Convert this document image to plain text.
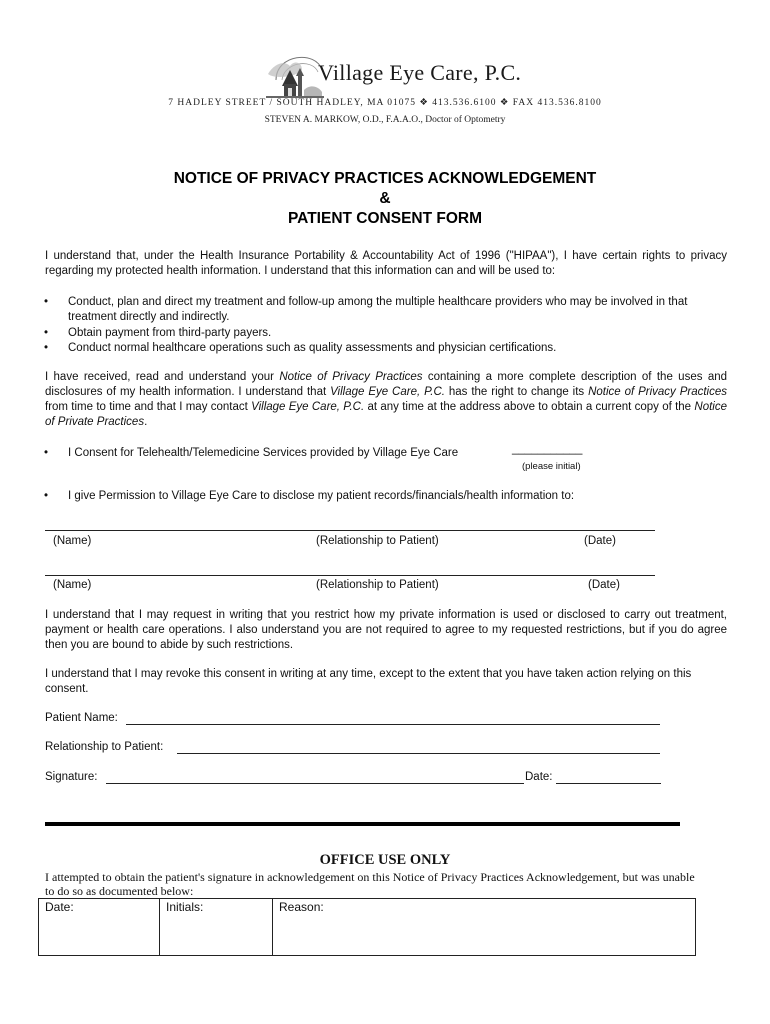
Village Eye Care, P.C.
7 HADLEY STREET / SOUTH HADLEY, MA 01075 ❖ 413.536.6100 ❖ FAX 413.536.8100
STEVEN A. MARKOW, O.D., F.A.A.O., Doctor of Optometry
NOTICE OF PRIVACY PRACTICES ACKNOWLEDGEMENT
&
PATIENT CONSENT FORM
I understand that, under the Health Insurance Portability & Accountability Act of 1996 ("HIPAA"), I have certain rights to privacy regarding my protected health information. I understand that this information can and will be used to:
• Conduct, plan and direct my treatment and follow-up among the multiple healthcare providers who may be involved in that treatment directly and indirectly.
• Obtain payment from third-party payers.
• Conduct normal healthcare operations such as quality assessments and physician certifications.
I have received, read and understand your Notice of Privacy Practices containing a more complete description of the uses and disclosures of my health information. I understand that Village Eye Care, P.C. has the right to change its Notice of Privacy Practices from time to time and that I may contact Village Eye Care, P.C. at any time at the address above to obtain a current copy of the Notice of Private Practices.
• I Consent for Telehealth/Telemedicine Services provided by Village Eye Care	___________
(please initial)
• I give Permission to Village Eye Care to disclose my patient records/financials/health information to:
(Name)	(Relationship to Patient)	(Date)
(Name)	(Relationship to Patient)	(Date)
I understand that I may request in writing that you restrict how my private information is used or disclosed to carry out treatment, payment or health care operations. I also understand you are not required to agree to my requested restrictions, but if you do agree then you are bound to abide by such restrictions.
I understand that I may revoke this consent in writing at any time, except to the extent that you have taken action relying on this consent.
Patient Name:
Relationship to Patient:
Signature:	Date:
OFFICE USE ONLY
I attempted to obtain the patient's signature in acknowledgement on this Notice of Privacy Practices Acknowledgement, but was unable to do so as documented below:
Date:	Initials:	Reason:
